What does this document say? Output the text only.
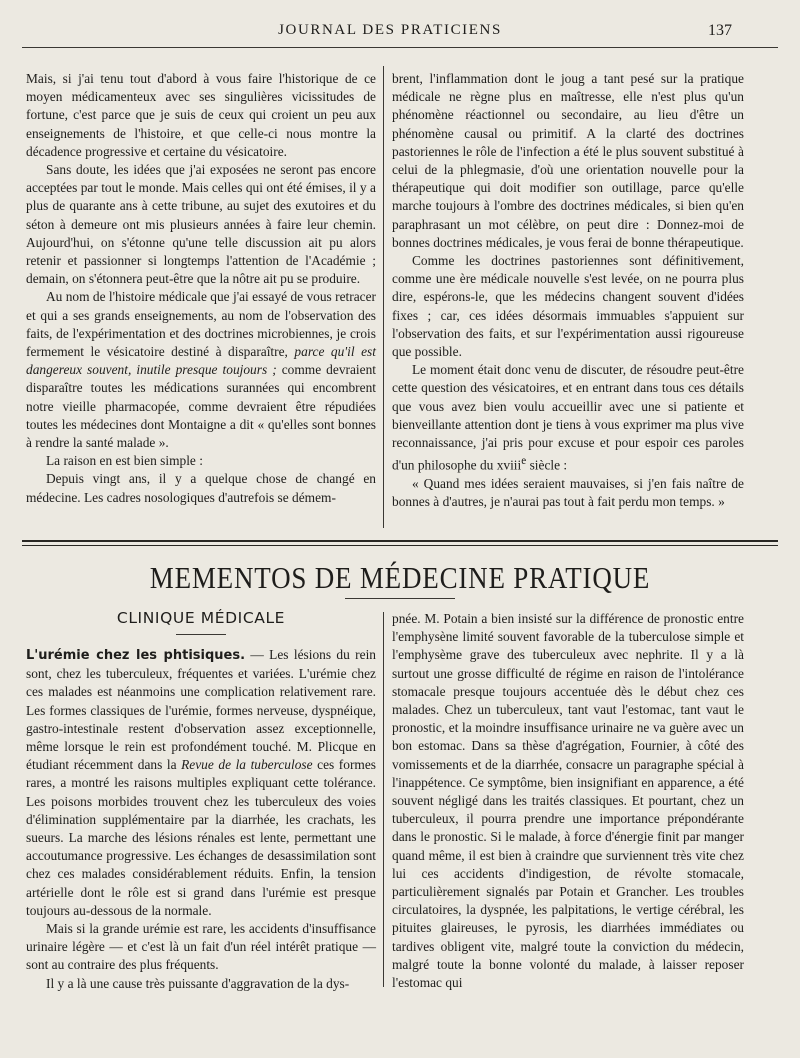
JOURNAL DES PRATICIENS	137

Mais, si j'ai tenu tout d'abord à vous faire l'historique de ce moyen médicamenteux avec ses singulières vicissitudes de fortune, c'est parce que je suis de ceux qui croient un peu aux enseignements de l'histoire, et que celle-ci nous montre la décadence progressive et certaine du vésicatoire.

Sans doute, les idées que j'ai exposées ne seront pas encore acceptées par tout le monde. Mais celles qui ont été émises, il y a plus de quarante ans à cette tribune, au sujet des exutoires et du séton à demeure ont mis plusieurs années à faire leur chemin. Aujourd'hui, on s'étonne qu'une telle discussion ait pu alors retenir et passionner si longtemps l'attention de l'Académie ; demain, on s'étonnera peut-être que la nôtre ait pu se produire.

Au nom de l'histoire médicale que j'ai essayé de vous retracer et qui a ses grands enseignements, au nom de l'observation des faits, de l'expérimentation et des doctrines microbiennes, je crois fermement le vésicatoire destiné à disparaître, parce qu'il est dangereux souvent, inutile presque toujours ; comme devraient disparaître toutes les médications surannées qui encombrent notre vieille pharmacopée, comme devraient être répudiées toutes les médecines dont Montaigne a dit « qu'elles sont bonnes à rendre la santé malade ».

La raison en est bien simple :

Depuis vingt ans, il y a quelque chose de changé en médecine. Les cadres nosologiques d'autrefois se démem-

brent, l'inflammation dont le joug a tant pesé sur la pratique médicale ne règne plus en maîtresse, elle n'est plus qu'un phénomène réactionnel ou secondaire, au lieu d'être un phénomène causal ou primitif. A la clarté des doctrines pastoriennes le rôle de l'infection a été le plus souvent substitué à celui de la phlegmasie, d'où une orientation nouvelle pour la thérapeutique qui doit modifier son outillage, parce qu'elle marche toujours à l'ombre des doctrines médicales, si bien qu'en paraphrasant un mot célèbre, on peut dire : Donnez-moi de bonnes doctrines médicales, je vous ferai de bonne thérapeutique.

Comme les doctrines pastoriennes sont définitivement, comme une ère médicale nouvelle s'est levée, on ne pourra plus dire, espérons-le, que les médecins changent souvent d'idées fixes ; car, ces idées désormais immuables s'appuient sur l'observation des faits, et sur l'expérimentation aussi rigoureuse que possible.

Le moment était donc venu de discuter, de résoudre peut-être cette question des vésicatoires, et en entrant dans tous ces détails que vous avez bien voulu accueillir avec une si patiente et bienveillante attention dont je tiens à vous exprimer ma plus vive reconnaissance, j'ai pris pour excuse et pour espoir ces paroles d'un philosophe du xviii$^e$ siècle :

« Quand mes idées seraient mauvaises, si j'en fais naître de bonnes à d'autres, je n'aurai pas tout à fait perdu mon temps. »

MEMENTOS DE MÉDECINE PRATIQUE
CLINIQUE MÉDICALE

L'urémie chez les phtisiques. — Les lésions du rein sont, chez les tuberculeux, fréquentes et variées. L'urémie chez ces malades est néanmoins une complication relativement rare. Les formes classiques de l'urémie, formes nerveuse, dyspnéique, gastro-intestinale restent d'observation assez exceptionnelle, même lorsque le rein est profondément touché. M. Plicque en étudiant récemment dans la Revue de la tuberculose ces formes rares, a montré les raisons multiples expliquant cette tolérance. Les poisons morbides trouvent chez les tuberculeux des voies d'élimination supplémentaire par la diarrhée, les crachats, les sueurs. La marche des lésions rénales est lente, permettant une accoutumance progressive. Les échanges de desassimilation sont chez ces malades considérablement réduits. Enfin, la tension artérielle dont le rôle est si grand dans l'urémie est presque toujours au-dessous de la normale.

Mais si la grande urémie est rare, les accidents d'insuffisance urinaire légère — et c'est là un fait d'un réel intérêt pratique — sont au contraire des plus fréquents.

Il y a là une cause très puissante d'aggravation de la dys-

pnée. M. Potain a bien insisté sur la différence de pronostic entre l'emphysène limité souvent favorable de la tuberculose simple et l'emphysème grave des tuberculeux avec nephrite. Il y a là surtout une grosse difficulté de régime en raison de l'intolérance stomacale presque toujours accentuée dès le début chez ces malades. Chez un tuberculeux, tant vaut l'estomac, tant vaut le pronostic, et la moindre insuffisance urinaire ne va guère avec un bon estomac. Dans sa thèse d'agrégation, Fournier, à côté des vomissements et de la diarrhée, consacre un paragraphe spécial à l'inappétence. Ce symptôme, bien insignifiant en apparence, a été souvent négligé dans les traités classiques. Et pourtant, chez un tuberculeux, il pourra prendre une importance prépondérante dans le pronostic. Si le malade, à force d'énergie finit par manger quand même, il est bien à craindre que surviennent très vite chez lui ces accidents d'indigestion, de révolte stomacale, particulièrement signalés par Potain et Grancher. Les troubles circulatoires, la dyspnée, les palpitations, le vertige cérébral, les pituites glaireuses, le pyrosis, les diarrhées immédiates ou tardives obligent vite, malgré toute la conviction du médecin, malgré toute la bonne volonté du malade, à laisser reposer l'estomac qui
